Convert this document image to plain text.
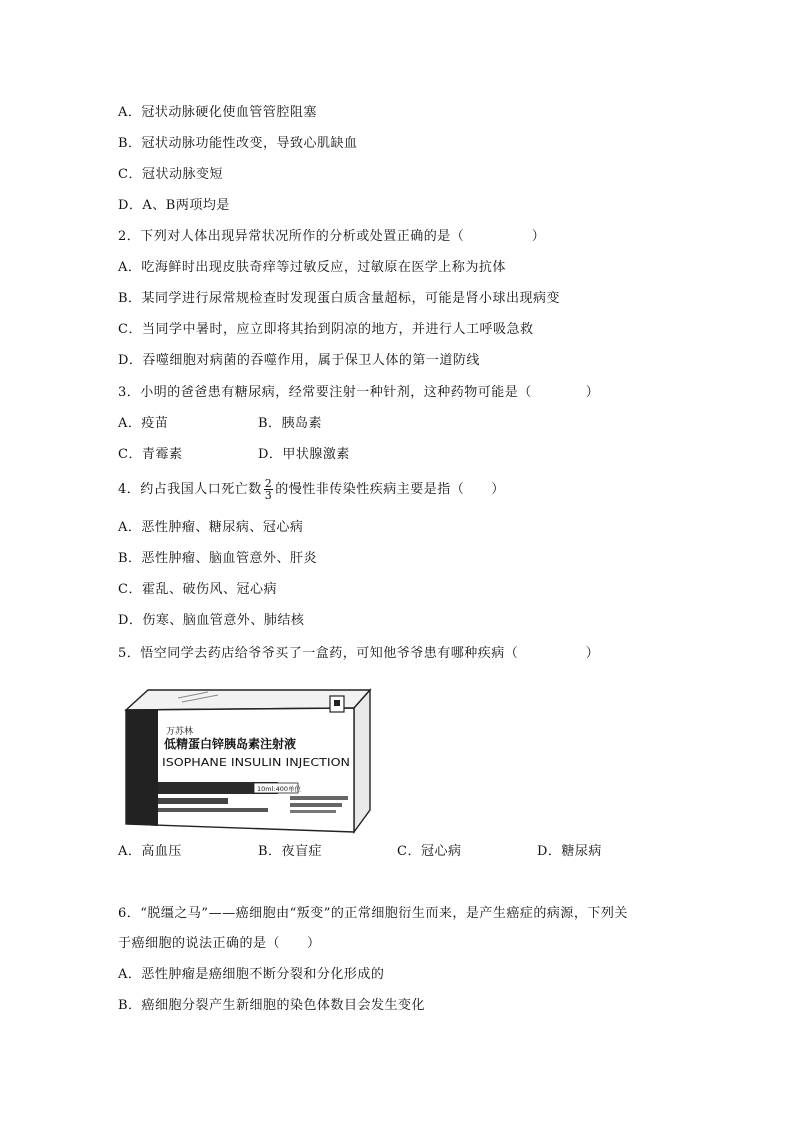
A．冠状动脉硬化使血管管腔阻塞
B．冠状动脉功能性改变，导致心肌缺血
C．冠状动脉变短
D．A、B两项均是
2．下列对人体出现异常状况所作的分析或处置正确的是（　　　　　）
A．吃海鲜时出现皮肤奇痒等过敏反应，过敏原在医学上称为抗体
B．某同学进行尿常规检查时发现蛋白质含量超标，可能是肾小球出现病变
C．当同学中暑时，应立即将其抬到阴凉的地方，并进行人工呼吸急救
D．吞噬细胞对病菌的吞噬作用，属于保卫人体的第一道防线
3．小明的爸爸患有糖尿病，经常要注射一种针剂，这种药物可能是（　　　　）
A．疫苗	B．胰岛素
C．青霉素	D．甲状腺激素
4．约占我国人口死亡数 $\frac{2}{3}$ 的慢性非传染性疾病主要是指（　　）
A．恶性肿瘤、糖尿病、冠心病
B．恶性肿瘤、脑血管意外、肝炎
C．霍乱、破伤风、冠心病
D．伤寒、脑血管意外、肺结核
5．悟空同学去药店给爷爷买了一盒药，可知他爷爷患有哪种疾病（　　　　　）
万苏林
低精蛋白锌胰岛素注射液
ISOPHANE INSULIN INJECTION
10ml:400单位
A．高血压	B．夜盲症	C．冠心病	D．糖尿病
6．“脱缰之马”——癌细胞由“叛变”的正常细胞衍生而来，是产生癌症的病源，下列关
于癌细胞的说法正确的是（　　）
A．恶性肿瘤是癌细胞不断分裂和分化形成的
B．癌细胞分裂产生新细胞的染色体数目会发生变化
